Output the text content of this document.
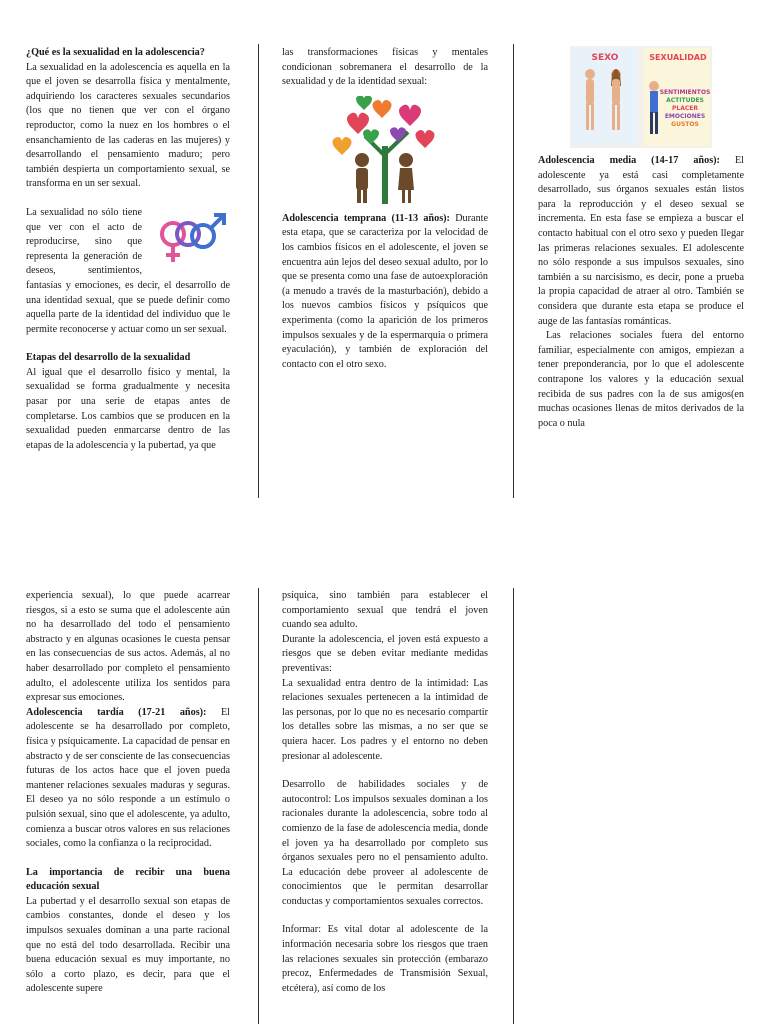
¿Qué es la sexualidad en la adolescencia?

La sexualidad en la adolescencia es aquella en la que el joven se desarrolla física y mentalmente, adquiriendo los caracteres sexuales secundarios (los que no tienen que ver con el órgano reproductor, como la nuez en los hombres o el ensanchamiento de las caderas en las mujeres) y desarrollando el pensamiento maduro; pero también despierta un comportamiento sexual, se transforma en un ser sexual.

La sexualidad no sólo tiene que ver con el acto de reproducirse, sino que representa la generación de deseos, sentimientos, fantasías y emociones, es decir, el desarrollo de una identidad sexual, que se puede definir como aquella parte de la identidad del individuo que le permite reconocerse y actuar como un ser sexual.

Etapas del desarrollo de la sexualidad

Al igual que el desarrollo físico y mental, la sexualidad se forma gradualmente y necesita pasar por una serie de etapas antes de completarse. Los cambios que se producen en la sexualidad pueden enmarcarse dentro de las etapas de la adolescencia y la pubertad, ya que

las transformaciones físicas y mentales condicionan sobremanera el desarrollo de la sexualidad y de la identidad sexual:

Adolescencia temprana (11-13 años): Durante esta etapa, que se caracteriza por la velocidad de los cambios físicos en el adolescente, el joven se encuentra aún lejos del deseo sexual adulto, por lo que se presenta como una fase de autoexploración (a menudo a través de la masturbación), debido a los nuevos cambios físicos y psíquicos que experimenta (como la aparición de los primeros impulsos sexuales y de la espermarquia o primera eyaculación), y también de exploración del contacto con el otro sexo.
SEXO	SEXUALIDAD
SENTIMIENTOS
ACTITUDES
PLACER
EMOCIONES
GUSTOS
Adolescencia media (14-17 años): El adolescente ya está casi completamente desarrollado, sus órganos sexuales están listos para la reproducción y el deseo sexual se incrementa. En esta fase se empieza a buscar el contacto habitual con el otro sexo y pueden llegar las primeras relaciones sexuales. El adolescente no sólo responde a sus impulsos sexuales, sino también a su narcisismo, es decir, pone a prueba la propia capacidad de atraer al otro. También se considera que durante esta etapa se produce el auge de las fantasías románticas.

Las relaciones sociales fuera del entorno familiar, especialmente con amigos, empiezan a tener preponderancia, por lo que el adolescente contrapone los valores y la educación sexual recibida de sus padres con la de sus amigos(en muchas ocasiones llenas de mitos derivados de la poca o nula

experiencia sexual), lo que puede acarrear riesgos, si a esto se suma que el adolescente aún no ha desarrollado del todo el pensamiento abstracto y en algunas ocasiones le cuesta pensar en las consecuencias de sus actos. Además, al no haber desarrollado por completo el pensamiento adulto, el adolescente utiliza los sentidos para expresar sus emociones.

Adolescencia tardía (17-21 años): El adolescente se ha desarrollado por completo, física y psíquicamente. La capacidad de pensar en abstracto y de ser consciente de las consecuencias futuras de los actos hace que el joven pueda mantener relaciones sexuales maduras y seguras. El deseo ya no sólo responde a un estímulo o pulsión sexual, sino que el adolescente, ya adulto, comienza a buscar otros valores en sus relaciones sociales, como la confianza o la reciprocidad.
La importancia de recibir una buena educación sexual

La pubertad y el desarrollo sexual son etapas de cambios constantes, donde el deseo y los impulsos sexuales dominan a una parte racional que no está del todo desarrollada. Recibir una buena educación sexual es muy importante, no sólo a corto plazo, es decir, para que el adolescente supere

psíquica, sino también para establecer el comportamiento sexual que tendrá el joven cuando sea adulto.

Durante la adolescencia, el joven está expuesto a riesgos que se deben evitar mediante medidas preventivas:

La sexualidad entra dentro de la intimidad: Las relaciones sexuales pertenecen a la intimidad de las personas, por lo que no es necesario compartir los detalles sobre las mismas, a no ser que se quiera hacer. Los padres y el entorno no deben presionar al adolescente.

Desarrollo de habilidades sociales y de autocontrol: Los impulsos sexuales dominan a los racionales durante la adolescencia, sobre todo al comienzo de la fase de adolescencia media, donde el joven ya ha desarrollado por completo sus órganos sexuales pero no el pensamiento adulto. La educación debe proveer al adolescente de conocimientos que le permitan desarrollar conductas y comportamientos sexuales correctos.

Informar: Es vital dotar al adolescente de la información necesaria sobre los riesgos que traen las relaciones sexuales sin protección (embarazo precoz, Enfermedades de Transmisión Sexual, etcétera), así como de los
